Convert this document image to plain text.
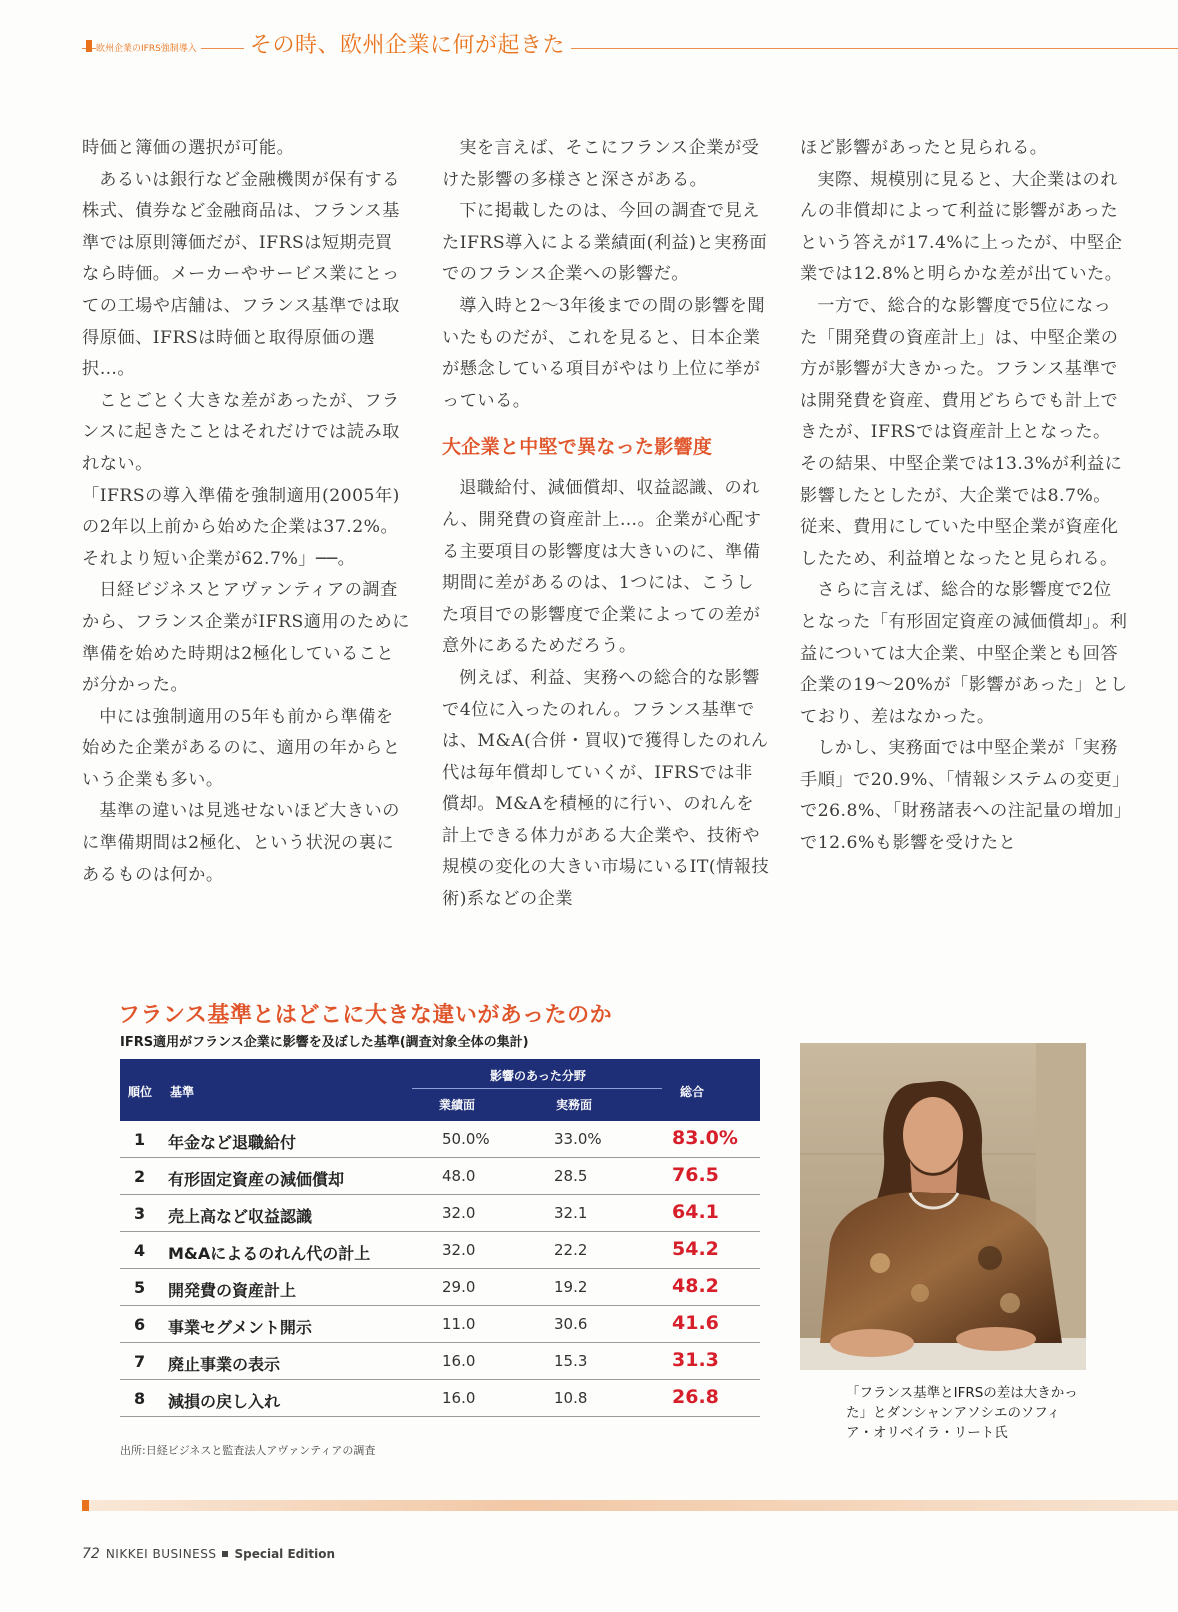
欧州企業のIFRS強制導入 その時、欧州企業に何が起きた

時価と簿価の選択が可能。

あるいは銀行など金融機関が保有する株式、債券など金融商品は、フランス基準では原則簿価だが、IFRSは短期売買なら時価。メーカーやサービス業にとっての工場や店舗は、フランス基準では取得原価、IFRSは時価と取得原価の選択…。

ことごとく大きな差があったが、フランスに起きたことはそれだけでは読み取れない。

「IFRSの導入準備を強制適用(2005年)の2年以上前から始めた企業は37.2%。それより短い企業が62.7%」──。

日経ビジネスとアヴァンティアの調査から、フランス企業がIFRS適用のために準備を始めた時期は2極化していることが分かった。

中には強制適用の5年も前から準備を始めた企業があるのに、適用の年からという企業も多い。

基準の違いは見逃せないほど大きいのに準備期間は2極化、という状況の裏にあるものは何か。

実を言えば、そこにフランス企業が受けた影響の多様さと深さがある。

下に掲載したのは、今回の調査で見えたIFRS導入による業績面(利益)と実務面でのフランス企業への影響だ。

導入時と2〜3年後までの間の影響を聞いたものだが、これを見ると、日本企業が懸念している項目がやはり上位に挙がっている。

大企業と中堅で異なった影響度

退職給付、減価償却、収益認識、のれん、開発費の資産計上…。企業が心配する主要項目の影響度は大きいのに、準備期間に差があるのは、1つには、こうした項目での影響度で企業によっての差が意外にあるためだろう。

例えば、利益、実務への総合的な影響で4位に入ったのれん。フランス基準では、M&A(合併・買収)で獲得したのれん代は毎年償却していくが、IFRSでは非償却。M&Aを積極的に行い、のれんを計上できる体力がある大企業や、技術や規模の変化の大きい市場にいるIT(情報技術)系などの企業

ほど影響があったと見られる。

実際、規模別に見ると、大企業はのれんの非償却によって利益に影響があったという答えが17.4%に上ったが、中堅企業では12.8%と明らかな差が出ていた。

一方で、総合的な影響度で5位になった「開発費の資産計上」は、中堅企業の方が影響が大きかった。フランス基準では開発費を資産、費用どちらでも計上できたが、IFRSでは資産計上となった。その結果、中堅企業では13.3%が利益に影響したとしたが、大企業では8.7%。従来、費用にしていた中堅企業が資産化したため、利益増となったと見られる。

さらに言えば、総合的な影響度で2位となった「有形固定資産の減価償却」。利益については大企業、中堅企業とも回答企業の19〜20%が「影響があった」としており、差はなかった。

しかし、実務面では中堅企業が「実務手順」で20.9%、「情報システムの変更」で26.8%、「財務諸表への注記量の増加」で12.6%も影響を受けたと

フランス基準とはどこに大きな違いがあったのか
IFRS適用がフランス企業に影響を及ぼした基準(調査対象全体の集計)
順位 基準
影響のあった分野
業績面	実務面
総合
1 年金など退職給付	50.0%	33.0%	83.0%
2 有形固定資産の減価償却	48.0	28.5	76.5
3 売上高など収益認識	32.0	32.1	64.1
4 M&Aによるのれん代の計上	32.0	22.2	54.2
5 開発費の資産計上	29.0	19.2	48.2
6 事業セグメント開示	11.0	30.6	41.6
7 廃止事業の表示	16.0	15.3	31.3
8 減損の戻し入れ	16.0	10.8	26.8
出所:日経ビジネスと監査法人アヴァンティアの調査
「フランス基準とIFRSの差は大きかった」とダンシャンアソシエのソフィア・オリベイラ・リート氏
72 NIKKEI BUSINESS Special Edition
